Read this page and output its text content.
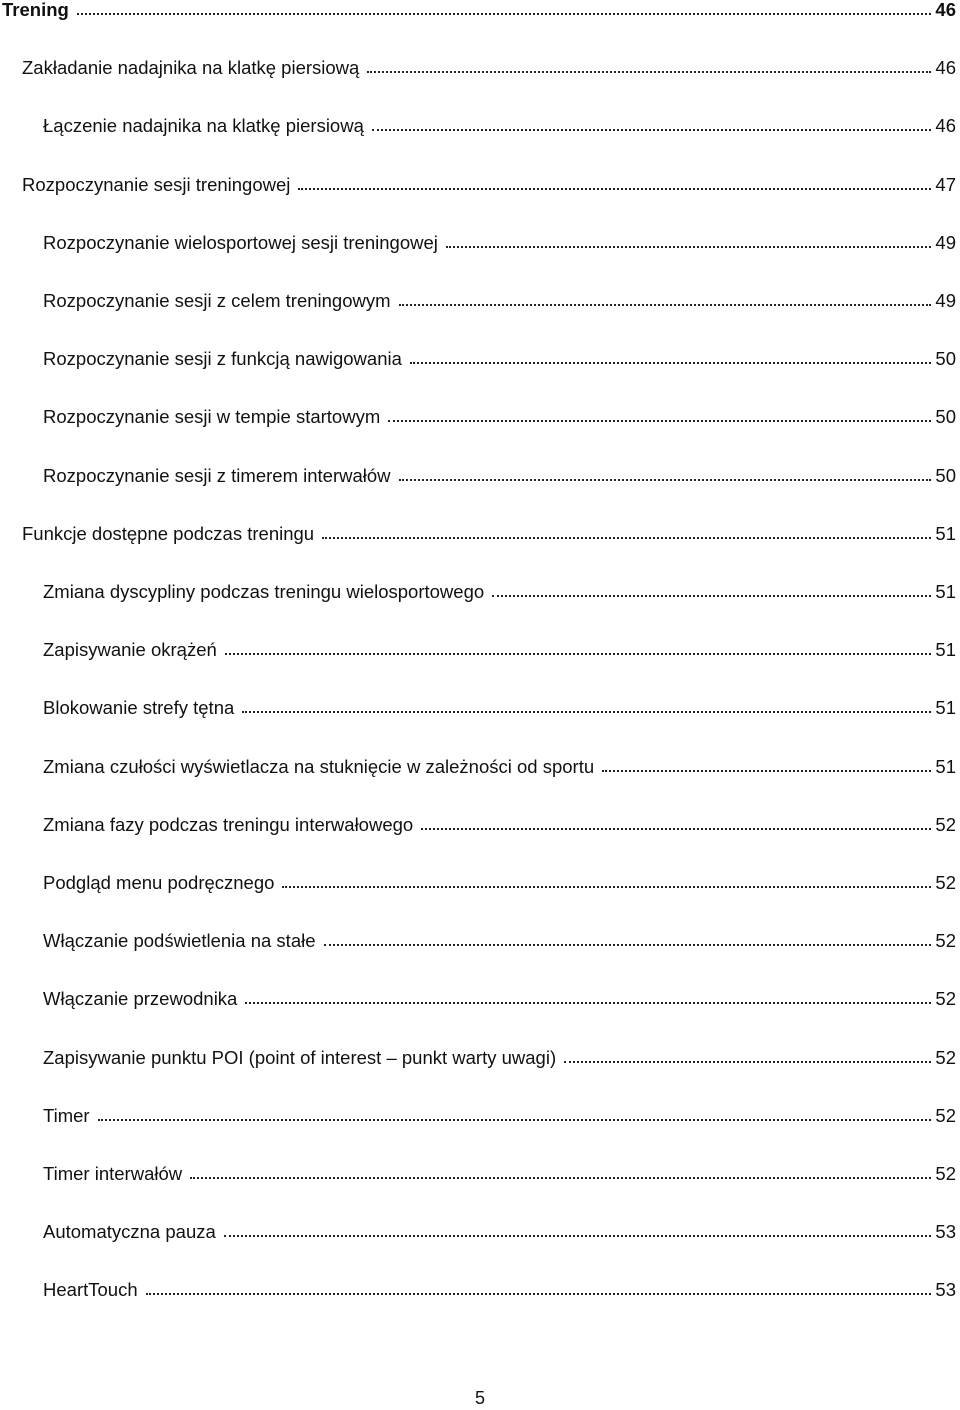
Trening	46
Zakładanie nadajnika na klatkę piersiową	46
Łączenie nadajnika na klatkę piersiową	46
Rozpoczynanie sesji treningowej	47
Rozpoczynanie wielosportowej sesji treningowej	49
Rozpoczynanie sesji z celem treningowym	49
Rozpoczynanie sesji z funkcją nawigowania	50
Rozpoczynanie sesji w tempie startowym	50
Rozpoczynanie sesji z timerem interwałów	50
Funkcje dostępne podczas treningu	51
Zmiana dyscypliny podczas treningu wielosportowego	51
Zapisywanie okrążeń	51
Blokowanie strefy tętna	51
Zmiana czułości wyświetlacza na stuknięcie w zależności od sportu	51
Zmiana fazy podczas treningu interwałowego	52
Podgląd menu podręcznego	52
Włączanie podświetlenia na stałe	52
Włączanie przewodnika	52
Zapisywanie punktu POI (point of interest – punkt warty uwagi)	52
Timer	52
Timer interwałów	52
Automatyczna pauza	53
HeartTouch	53
5
